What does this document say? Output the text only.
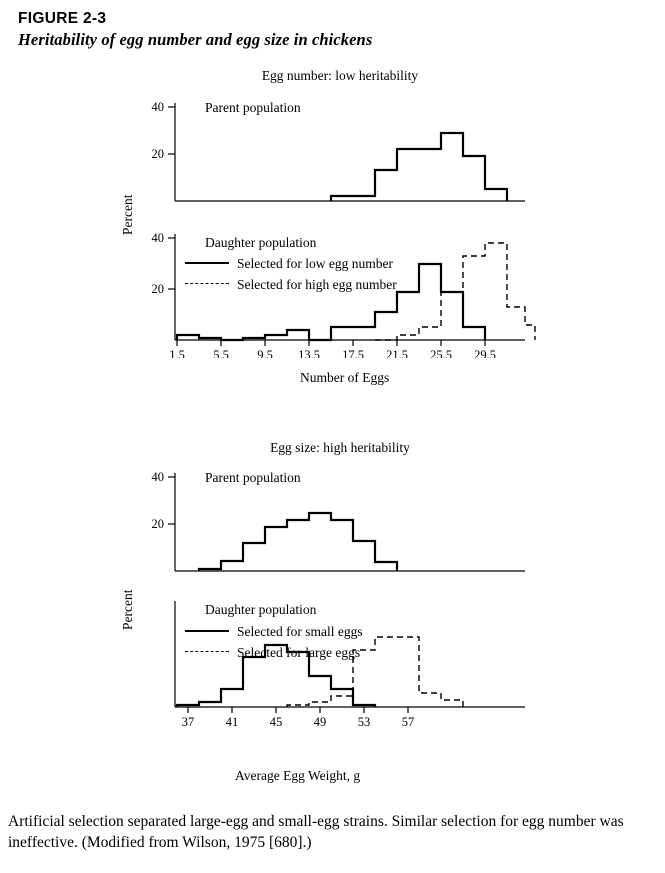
FIGURE 2-3
Heritability of egg number and egg size in chickens
Egg number: low heritability
Percent
Parent population
Daughter population
Selected for low egg number
Selected for high egg number
Number of Eggs
40
20
40
20
1.5 5.5 9.5 13.5 17.5 21.5 25.5 29.5
Egg size: high heritability
Percent
Parent population
Daughter population
Selected for small eggs
Selected for large eggs
Average Egg Weight, g
40
20
37	41	45	49	53	57
Artificial selection separated large-egg and small-egg strains. Similar selection for egg number was ineffective. (Modified from Wilson, 1975 [680].)
